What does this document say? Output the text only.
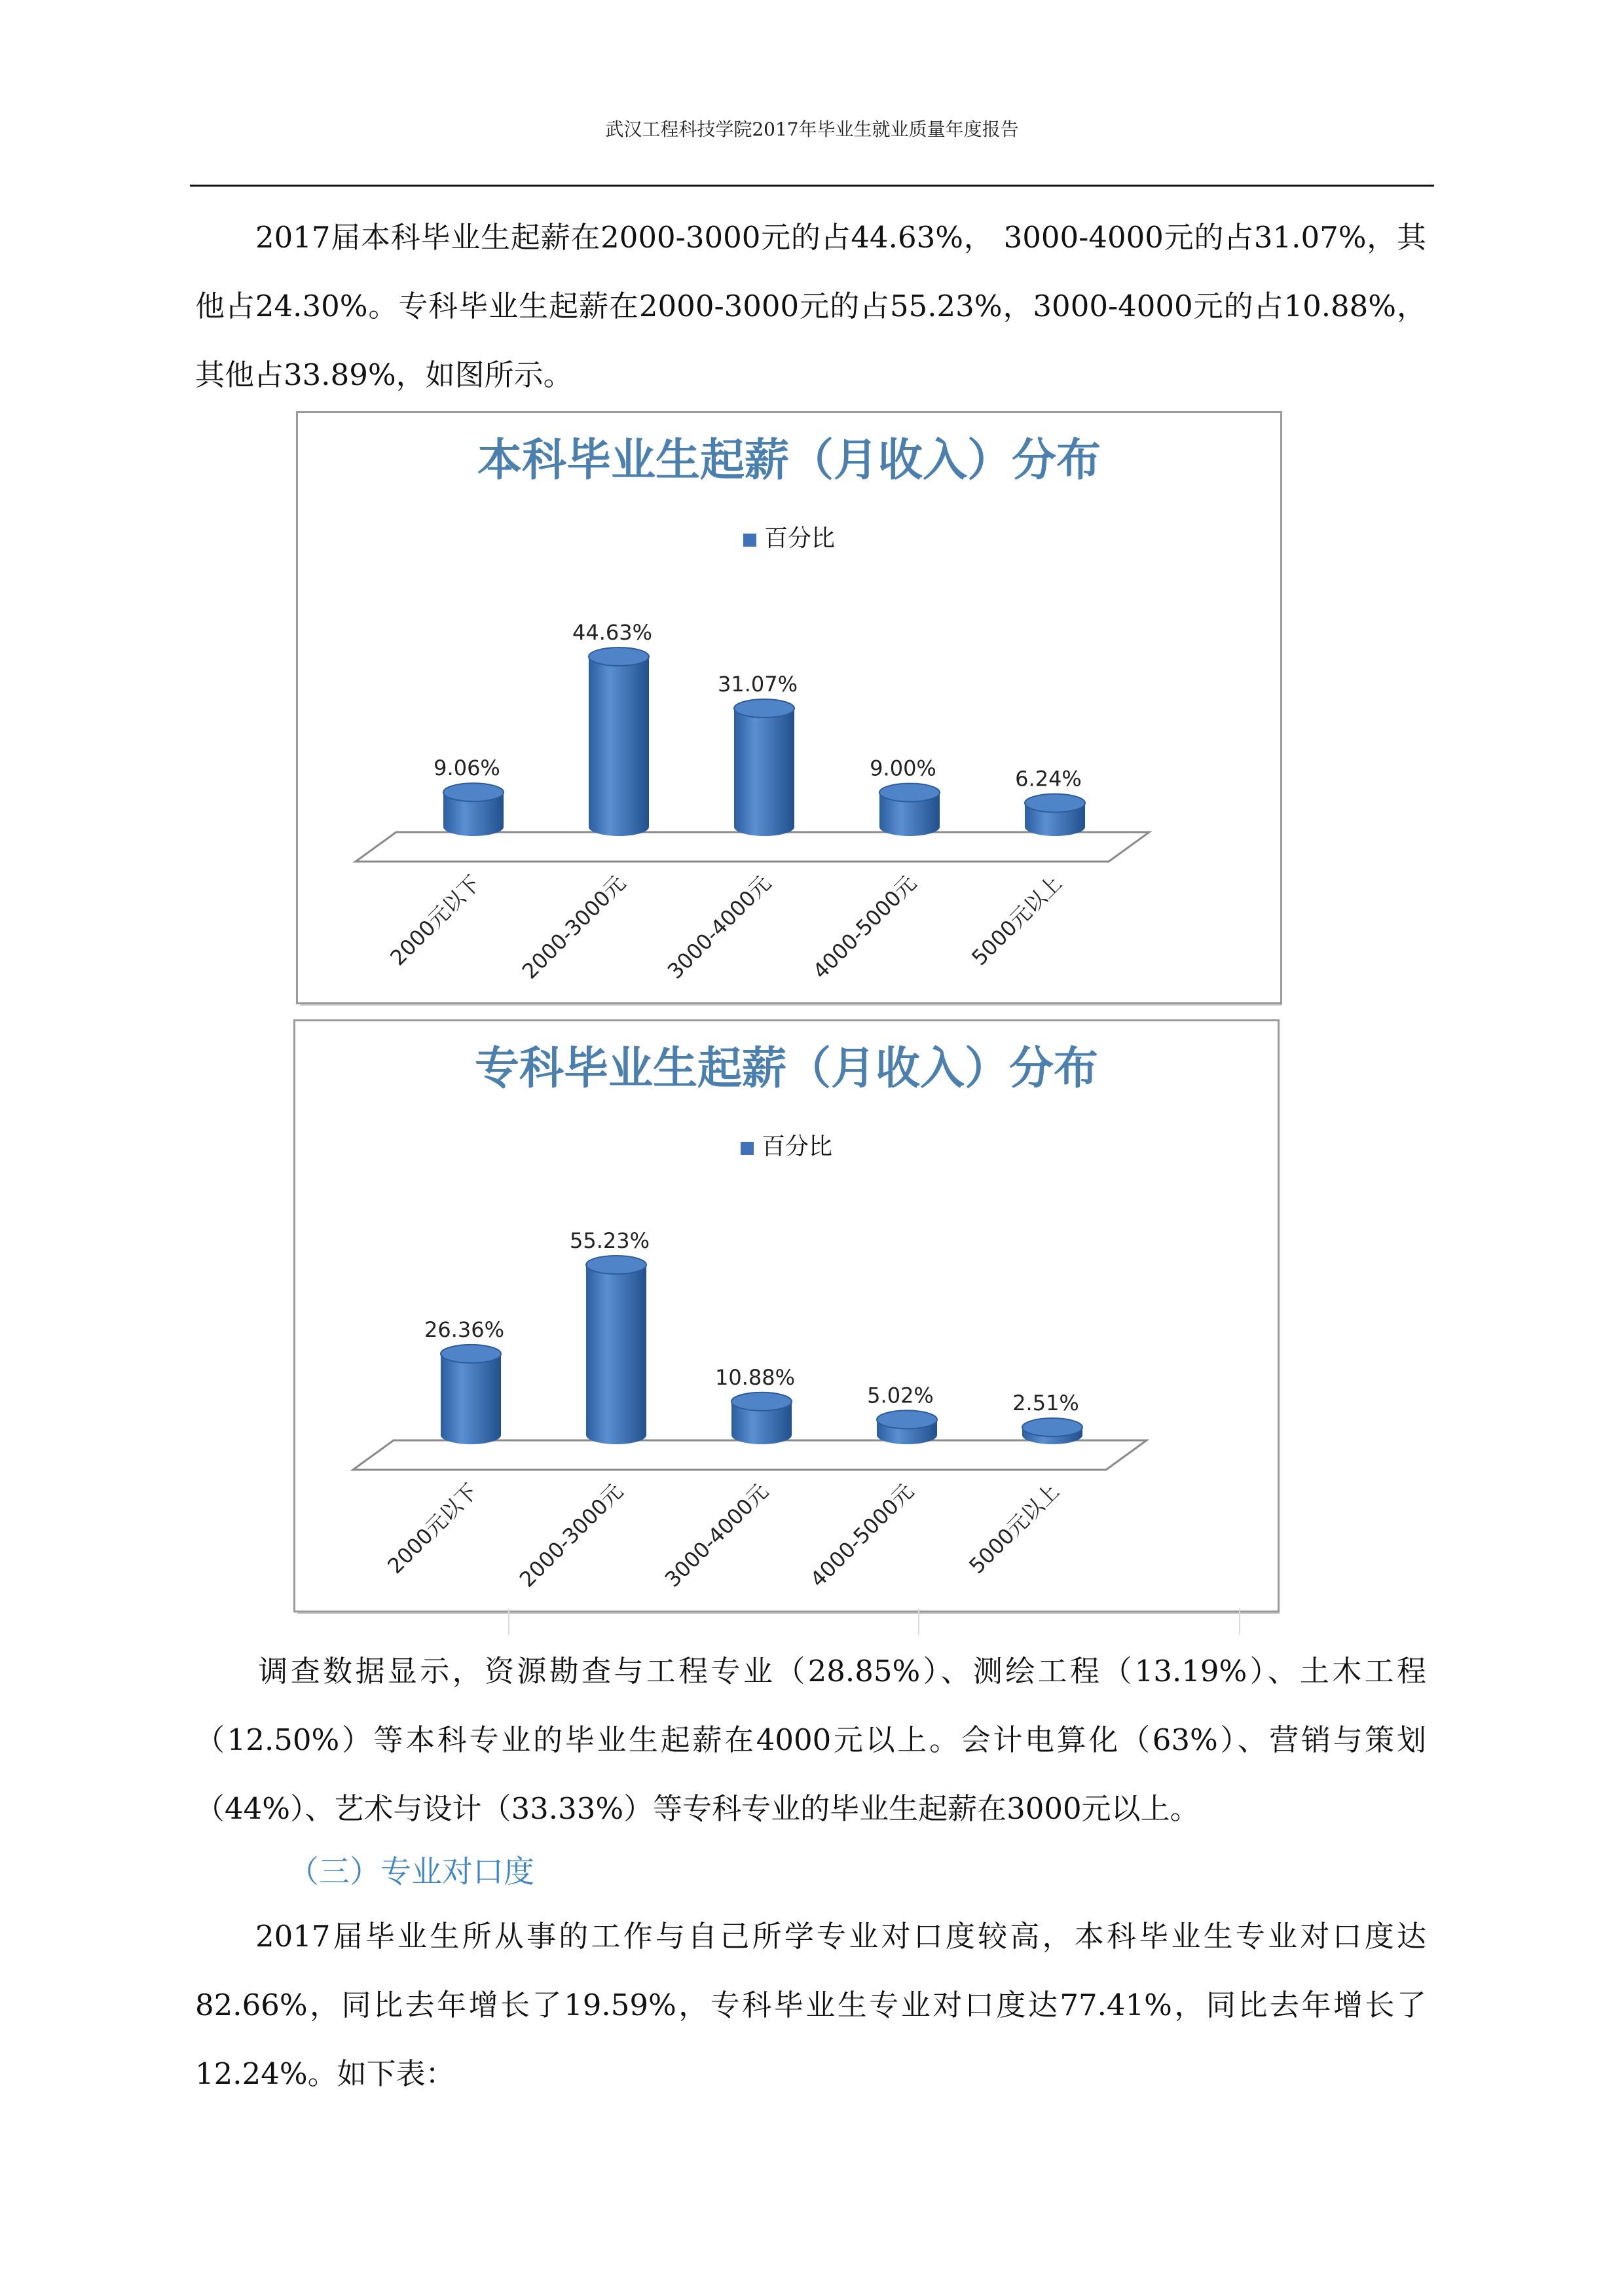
武汉工程科技学院2017年毕业生就业质量年度报告
2017届本科毕业生起薪在2000-3000元的占44.63%， 3000-4000元的占31.07%，其他占24.30%。专科毕业生起薪在2000-3000元的占55.23%，3000-4000元的占10.88%，其他占33.89%，如图所示。
本科毕业生起薪（月收入）分布
百分比
9.06%
2000元以下
44.63%
2000-3000元
31.07%
3000-4000元
9.00%
4000-5000元
6.24%
5000元以上
专科毕业生起薪（月收入）分布
百分比
26.36%
2000元以下
55.23%
2000-3000元
10.88%
3000-4000元
5.02%
4000-5000元
2.51%
5000元以上
调查数据显示，资源勘查与工程专业（28.85%）、测绘工程（13.19%）、土木工程（12.50%）等本科专业的毕业生起薪在4000元以上。会计电算化（63%）、营销与策划（44%）、艺术与设计（33.33%）等专科专业的毕业生起薪在3000元以上。
（三）专业对口度
2017届毕业生所从事的工作与自己所学专业对口度较高，本科毕业生专业对口度达82.66%，同比去年增长了19.59%，专科毕业生专业对口度达77.41%，同比去年增长了12.24%。如下表：
